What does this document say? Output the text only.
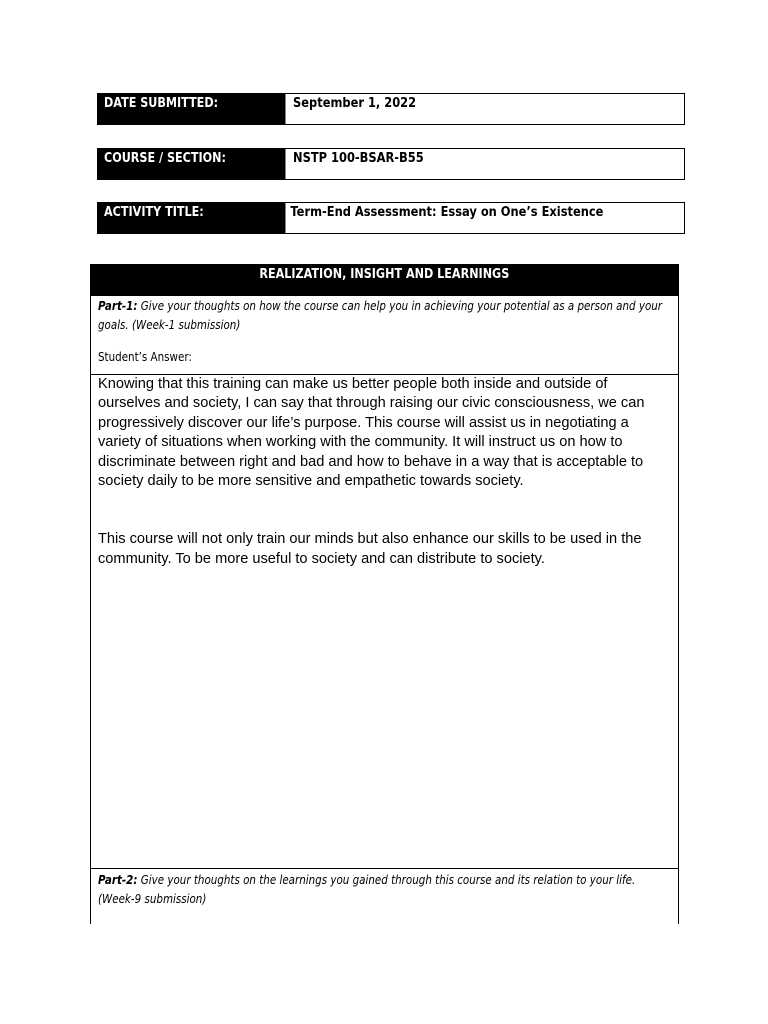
DATE SUBMITTED:	September 1, 2022
COURSE / SECTION:	NSTP 100-BSAR-B55
ACTIVITY TITLE:	Term-End Assessment: Essay on One’s Existence
REALIZATION, INSIGHT AND LEARNINGS
Part-1: Give your thoughts on how the course can help you in achieving your potential as a person and your goals. (Week-1 submission)
Student’s Answer:

Knowing that this training can make us better people both inside and outside of ourselves and society, I can say that through raising our civic consciousness, we can progressively discover our life’s purpose. This course will assist us in negotiating a variety of situations when working with the community. It will instruct us on how to discriminate between right and bad and how to behave in a way that is acceptable to society daily to be more sensitive and empathetic towards society.

This course will not only train our minds but also enhance our skills to be used in the community. To be more useful to society and can distribute to society.

Part-2: Give your thoughts on the learnings you gained through this course and its relation to your life. (Week-9 submission)
